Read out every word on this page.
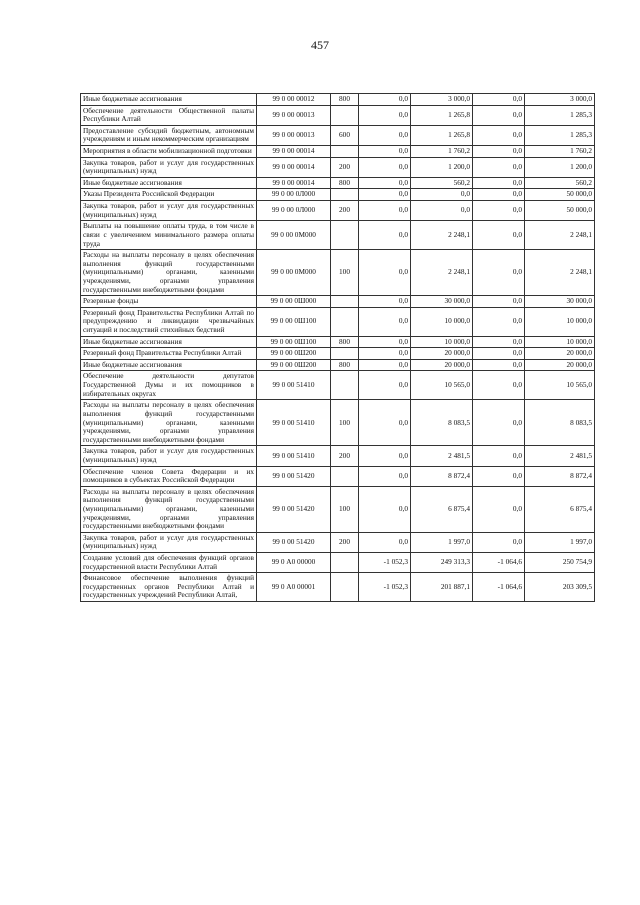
457
Иные бюджетные ассигнования	99 0 00 00012	800	0,0	3 000,0	0,0	3 000,0
Обеспечение деятельности Общественной палаты Республики Алтай	99 0 00 00013		0,0	1 265,8	0,0	1 285,3
Предоставление субсидий бюджетным, автономным учреждениям и иным некоммерческим организациям	99 0 00 00013	600	0,0	1 265,8	0,0	1 285,3
Мероприятия в области мобилизационной подготовки	99 0 00 00014		0,0	1 760,2	0,0	1 760,2
Закупка товаров, работ и услуг для государственных (муниципальных) нужд	99 0 00 00014	200	0,0	1 200,0	0,0	1 200,0
Иные бюджетные ассигнования	99 0 00 00014	800	0,0	560,2	0,0	560,2
Указы Президента Российской Федерации	99 0 00 0Л000		0,0	0,0	0,0	50 000,0
Закупка товаров, работ и услуг для государственных (муниципальных) нужд	99 0 00 0Л000	200	0,0	0,0	0,0	50 000,0
Выплаты на повышение оплаты труда, в том числе в связи с увеличением минимального размера оплаты труда	99 0 00 0М000		0,0	2 248,1	0,0	2 248,1
Расходы на выплаты персоналу в целях обеспечения выполнения функций государственными (муниципальными) органами, казенными учреждениями, органами управления государственными внебюджетными фондами	99 0 00 0М000	100	0,0	2 248,1	0,0	2 248,1
Резервные фонды	99 0 00 0Ш000		0,0	30 000,0	0,0	30 000,0
Резервный фонд Правительства Республики Алтай по предупреждению и ликвидации чрезвычайных ситуаций и последствий стихийных бедствий	99 0 00 0Ш100		0,0	10 000,0	0,0	10 000,0
Иные бюджетные ассигнования	99 0 00 0Ш100	800	0,0	10 000,0	0,0	10 000,0
Резервный фонд Правительства Республики Алтай	99 0 00 0Ш200		0,0	20 000,0	0,0	20 000,0
Иные бюджетные ассигнования	99 0 00 0Ш200	800	0,0	20 000,0	0,0	20 000,0
Обеспечение деятельности депутатов Государственной Думы и их помощников в избирательных округах	99 0 00 51410		0,0	10 565,0	0,0	10 565,0
Расходы на выплаты персоналу в целях обеспечения выполнения функций государственными (муниципальными) органами, казенными учреждениями, органами управления государственными внебюджетными фондами	99 0 00 51410	100	0,0	8 083,5	0,0	8 083,5
Закупка товаров, работ и услуг для государственных (муниципальных) нужд	99 0 00 51410	200	0,0	2 481,5	0,0	2 481,5
Обеспечение членов Совета Федерации и их помощников в субъектах Российской Федерации	99 0 00 51420		0,0	8 872,4	0,0	8 872,4
Расходы на выплаты персоналу в целях обеспечения выполнения функций государственными (муниципальными) органами, казенными учреждениями, органами управления государственными внебюджетными фондами	99 0 00 51420	100	0,0	6 875,4	0,0	6 875,4
Закупка товаров, работ и услуг для государственных (муниципальных) нужд	99 0 00 51420	200	0,0	1 997,0	0,0	1 997,0
Создание условий для обеспечения функций органов государственной власти Республики Алтай	99 0 А0 00000		-1 052,3	249 313,3	-1 064,6	250 754,9
Финансовое обеспечение выполнения функций государственных органов Республики Алтай и государственных учреждений Республики Алтай,	99 0 А0 00001		-1 052,3	201 887,1	-1 064,6	203 309,5
